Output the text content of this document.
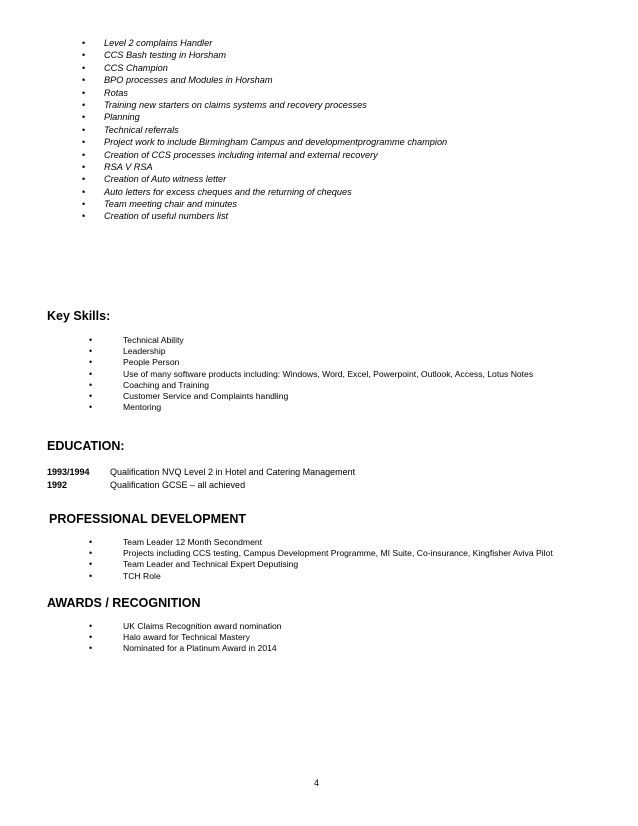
• Level 2 complains Handler
• CCS Bash testing in Horsham
• CCS Champion
• BPO processes and Modules in Horsham
• Rotas
• Training new starters on claims systems and recovery processes
• Planning
• Technical referrals
• Project work to include Birmingham Campus and developmentprogramme champion
• Creation of CCS processes including internal and external recovery
• RSA V RSA
• Creation of Auto witness letter
• Auto letters for excess cheques and the returning of cheques
• Team meeting chair and minutes
• Creation of useful numbers list
Key Skills:
•	Technical Ability
•	Leadership
•	People Person
•	Use of many software products including: Windows, Word, Excel, Powerpoint, Outlook, Access, Lotus Notes
•	Coaching and Training
•	Customer Service and Complaints handling
•	Mentoring
EDUCATION:
1993/1994 Qualification NVQ Level 2 in Hotel and Catering Management
1992	Qualification GCSE – all achieved
PROFESSIONAL DEVELOPMENT
•	Team Leader 12 Month Secondment
•	Projects including CCS testing, Campus Development Programme, MI Suite, Co-insurance, Kingfisher Aviva Pilot
•	Team Leader and Technical Expert Deputising
•	TCH Role
AWARDS / RECOGNITION
•	UK Claims Recognition award nomination
•	Halo award for Technical Mastery
•	Nominated for a Platinum Award in 2014
4
